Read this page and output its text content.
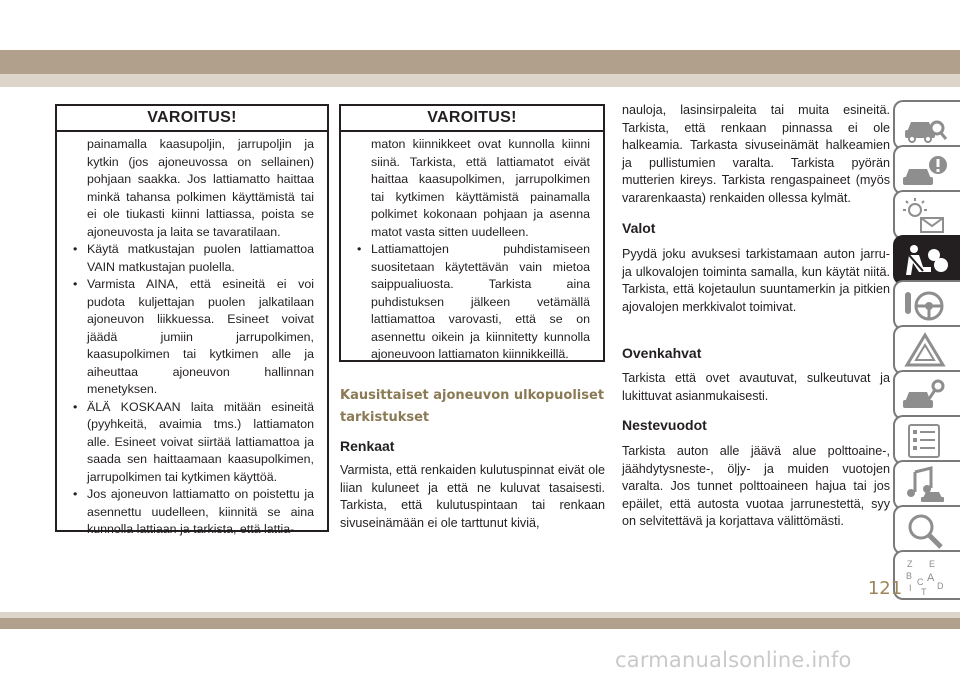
VAROITUS!
painamalla kaasupoljin, jarrupoljin ja kytkin (jos ajoneuvossa on sellainen) pohjaan saakka. Jos lattiamatto haittaa minkä tahansa polkimen käyttämistä tai ei ole tiukasti kiinni lattiassa, poista se ajoneuvosta ja laita se tavaratilaan.
• Käytä matkustajan puolen lattiamattoa VAIN matkustajan puolella.
• Varmista AINA, että esineitä ei voi pudota kuljettajan puolen jalkatilaan ajoneuvon liikkuessa. Esineet voivat jäädä jumiin jarrupolkimen, kaasupolkimen tai kytkimen alle ja aiheuttaa ajoneuvon hallinnan menetyksen.
• ÄLÄ KOSKAAN laita mitään esineitä (pyyhkeitä, avaimia tms.) lattiamaton alle. Esineet voivat siirtää lattiamattoa ja saada sen haittaamaan kaasupolkimen, jarrupolkimen tai kytkimen käyttöä.
• Jos ajoneuvon lattiamatto on poistettu ja asennettu uudelleen, kiinnitä se aina kunnolla lattiaan ja tarkista, että lattia-
VAROITUS!
maton kiinnikkeet ovat kunnolla kiinni siinä. Tarkista, että lattiamatot eivät haittaa kaasupolkimen, jarrupolkimen tai kytkimen käyttämistä painamalla polkimet kokonaan pohjaan ja asenna matot vasta sitten uudelleen.
• Lattiamattojen puhdistamiseen suositetaan käytettävän vain mietoa saippualiuosta. Tarkista aina puhdistuksen jälkeen vetämällä lattiamattoa varovasti, että se on asennettu oikein ja kiinnitetty kunnolla ajoneuvoon lattiamaton kiinnikkeillä.
Kausittaiset ajoneuvon ulkopuoliset
tarkistukset
Renkaat
Varmista, että renkaiden kulutuspinnat eivät ole liian kuluneet ja että ne kuluvat tasaisesti. Tarkista, että kulutuspintaan tai renkaan sivuseinämään ei ole tarttunut kiviä,
nauloja, lasinsirpaleita tai muita esineitä. Tarkista, että renkaan pinnassa ei ole halkeamia. Tarkasta sivuseinämät halkeamien ja pullistumien varalta. Tarkista pyörän mutterien kireys. Tarkista rengaspaineet (myös vararenkaasta) renkaiden ollessa kylmät.
Valot
Pyydä joku avuksesi tarkistamaan auton jarru- ja ulkovalojen toiminta samalla, kun käytät niitä. Tarkista, että kojetaulun suuntamerkin ja pitkien ajovalojen merkkivalot toimivat.
Ovenkahvat
Tarkista että ovet avautuvat, sulkeutuvat ja lukittuvat asianmukaisesti.
Nestevuodot
Tarkista auton alle jäävä alue polttoaine-, jäähdytysneste-, öljy- ja muiden vuotojen varalta. Jos tunnet polttoaineen hajua tai jos epäilet, että autosta vuotaa jarrunestettä, syy on selvitettävä ja korjattava välittömästi.
Z E
B A
I
C D
T
121
carmanualsonline.info
